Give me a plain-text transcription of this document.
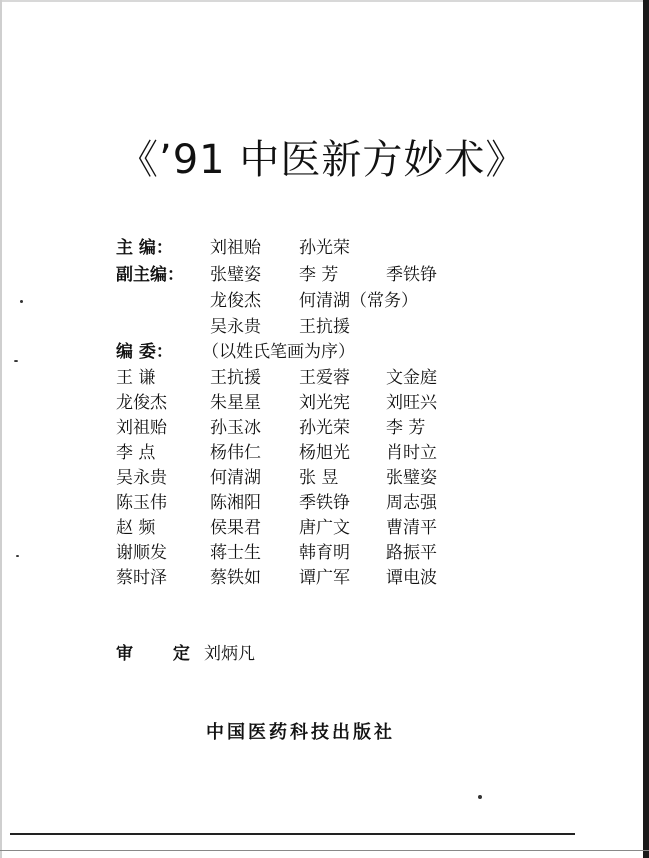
《’91 中医新方妙术》
主 编： 刘祖贻 孙光荣
副主编： 张璧姿 李 芳	季铁铮
龙俊杰 何清湖（常务）
吴永贵 王抗援
编 委： （以姓氏笔画为序）
王 谦	王抗援 王爱蓉 文金庭
龙俊杰	朱星星 刘光宪 刘旺兴
刘祖贻	孙玉冰 孙光荣 李 芳
李 点	杨伟仁 杨旭光 肖时立
吴永贵	何清湖 张 昱	张璧姿
陈玉伟	陈湘阳 季铁铮 周志强
赵 频	侯果君 唐广文 曹清平
谢顺发	蒋士生 韩育明 路振平
蔡时泽	蔡铁如 谭广军 谭电波
审 定
刘炳凡
中国医药科技出版社
